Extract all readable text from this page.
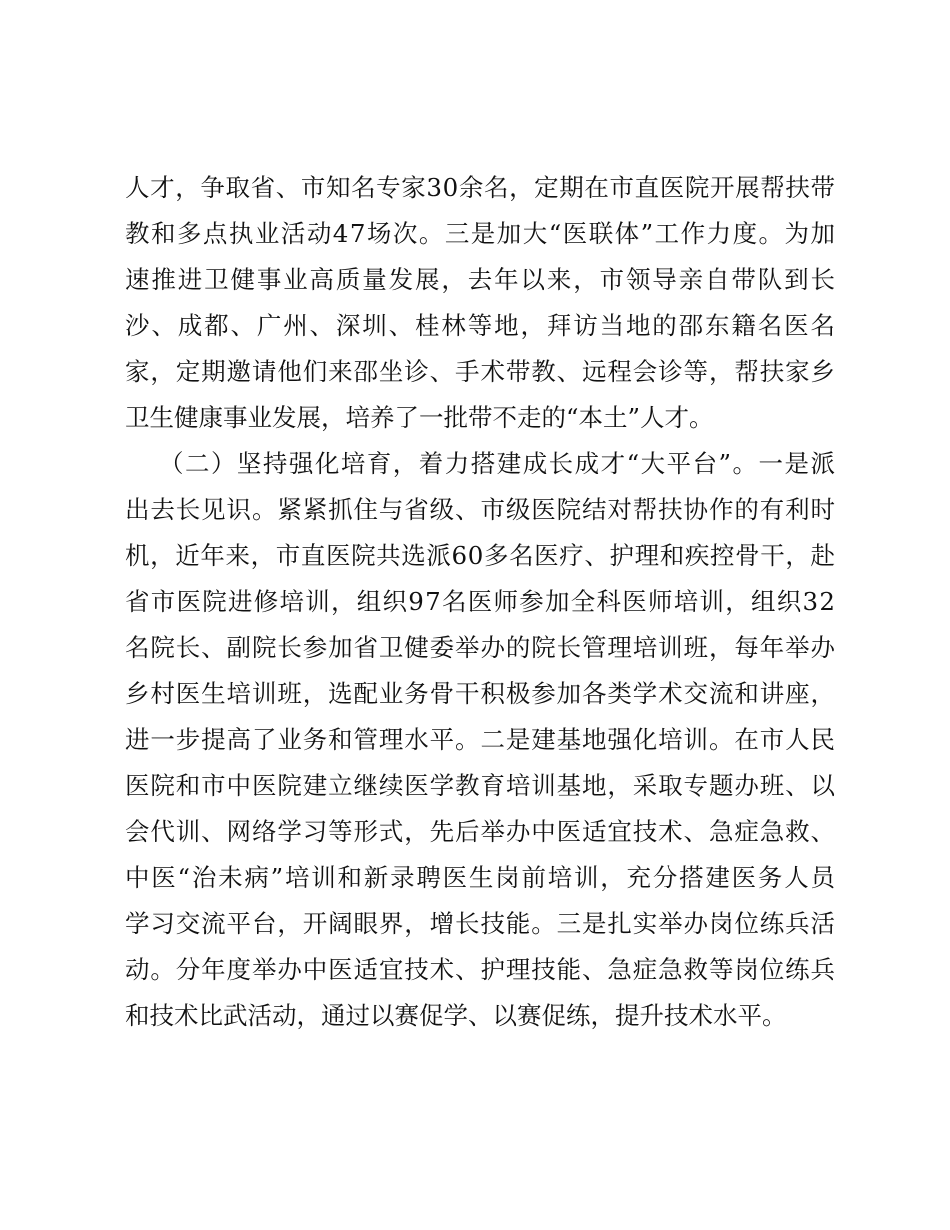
人才，争取省、市知名专家30余名，定期在市直医院开展帮扶带
教和多点执业活动47场次。三是加大“医联体”工作力度。为加
速推进卫健事业高质量发展，去年以来，市领导亲自带队到长
沙、成都、广州、深圳、桂林等地，拜访当地的邵东籍名医名
家，定期邀请他们来邵坐诊、手术带教、远程会诊等，帮扶家乡
卫生健康事业发展，培养了一批带不走的“本土”人才。
（二）坚持强化培育，着力搭建成长成才“大平台”。一是派
出去长见识。紧紧抓住与省级、市级医院结对帮扶协作的有利时
机，近年来，市直医院共选派60多名医疗、护理和疾控骨干，赴
省市医院进修培训，组织97名医师参加全科医师培训，组织32
名院长、副院长参加省卫健委举办的院长管理培训班，每年举办
乡村医生培训班，选配业务骨干积极参加各类学术交流和讲座，
进一步提高了业务和管理水平。二是建基地强化培训。在市人民
医院和市中医院建立继续医学教育培训基地，采取专题办班、以
会代训、网络学习等形式，先后举办中医适宜技术、急症急救、
中医“治未病”培训和新录聘医生岗前培训，充分搭建医务人员
学习交流平台，开阔眼界，增长技能。三是扎实举办岗位练兵活
动。分年度举办中医适宜技术、护理技能、急症急救等岗位练兵
和技术比武活动，通过以赛促学、以赛促练，提升技术水平。
